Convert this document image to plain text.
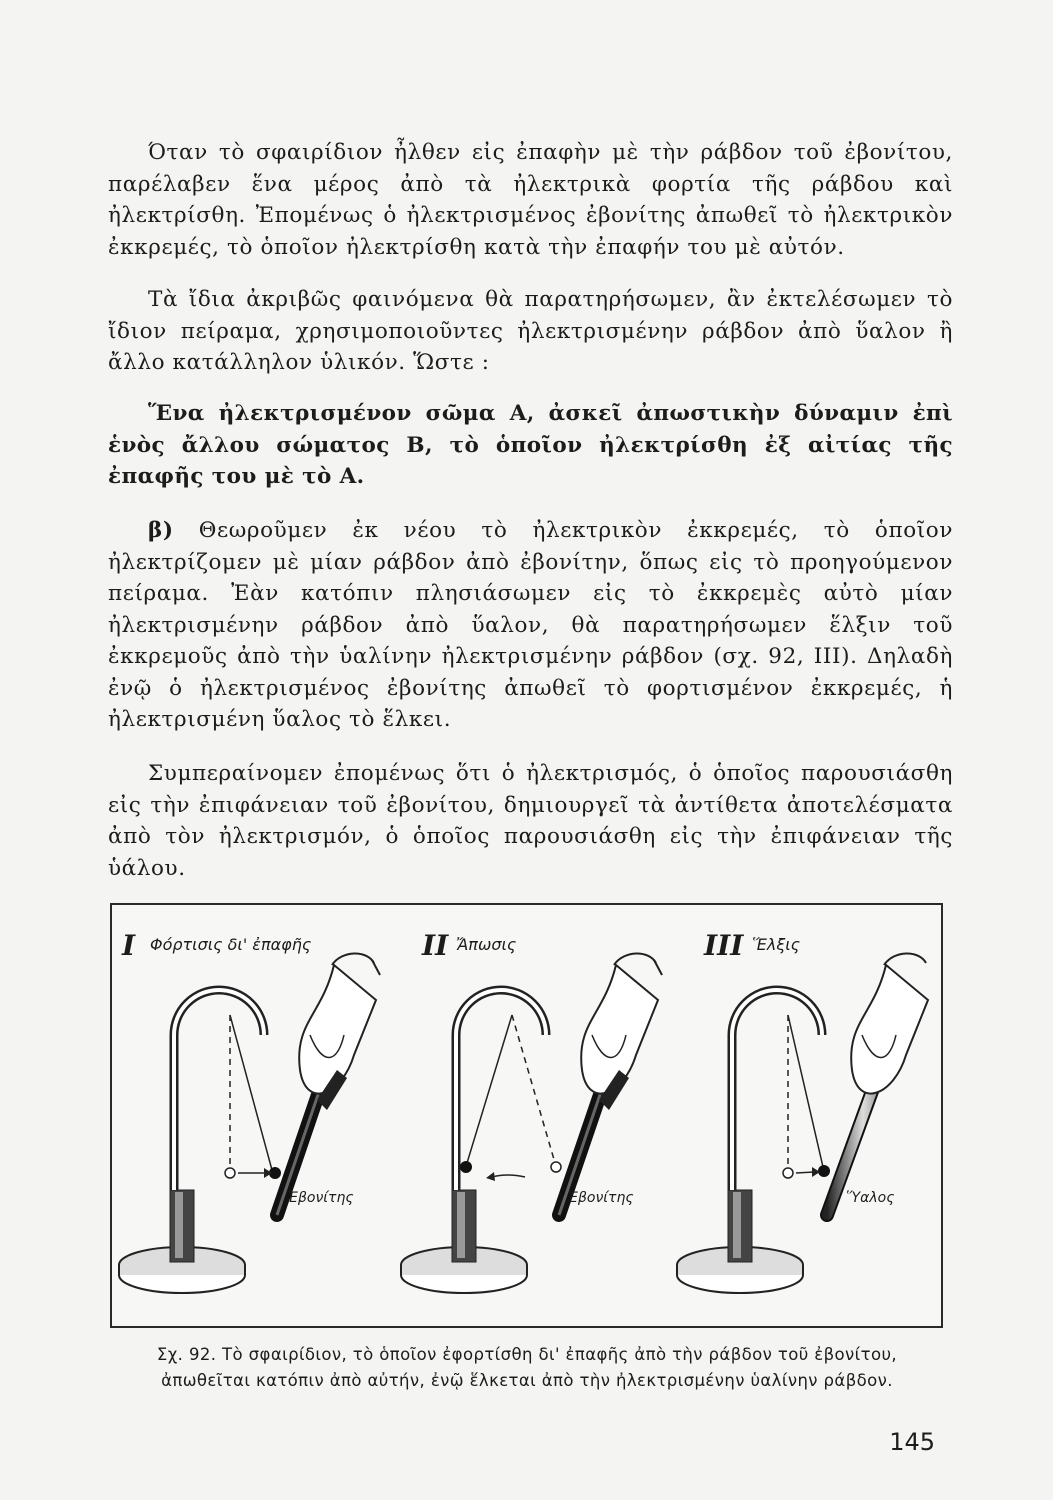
Όταν τὸ σφαιρίδιον ἦλθεν εἰς ἐπαφὴν μὲ τὴν ράβδον τοῦ ἐβονίτου, παρέλαβεν ἕνα μέρος ἀπὸ τὰ ἠλεκτρικὰ φορτία τῆς ράβδου καὶ ἠλεκτρίσθη. Ἐπομένως ὁ ἠλεκτρισμένος ἐβονίτης ἀπωθεῖ τὸ ἠλεκτρικὸν ἐκκρεμές, τὸ ὁποῖον ἠλεκτρίσθη κατὰ τὴν ἐπαφήν του μὲ αὐτόν.

Τὰ ἴδια ἀκριβῶς φαινόμενα θὰ παρατηρήσωμεν, ἂν ἐκτελέσωμεν τὸ ἴδιον πείραμα, χρησιμοποιοῦντες ἠλεκτρισμένην ράβδον ἀπὸ ὕαλον ἢ ἄλλο κατάλληλον ὑλικόν. Ὥστε :

Ἕνα ἠλεκτρισμένον σῶμα Α, ἀσκεῖ ἀπωστικὴν δύναμιν ἐπὶ ἑνὸς ἄλλου σώματος Β, τὸ ὁποῖον ἠλεκτρίσθη ἐξ αἰτίας τῆς ἐπαφῆς του μὲ τὸ Α.

β) Θεωροῦμεν ἐκ νέου τὸ ἠλεκτρικὸν ἐκκρεμές, τὸ ὁποῖον ἠλεκτρίζομεν μὲ μίαν ράβδον ἀπὸ ἐβονίτην, ὅπως εἰς τὸ προηγούμενον πείραμα. Ἐὰν κατόπιν πλησιάσωμεν εἰς τὸ ἐκκρεμὲς αὐτὸ μίαν ἠλεκτρισμένην ράβδον ἀπὸ ὕαλον, θὰ παρατηρήσωμεν ἕλξιν τοῦ ἐκκρεμοῦς ἀπὸ τὴν ὑαλίνην ἠλεκτρισμένην ράβδον (σχ. 92, ΙΙΙ). Δηλαδὴ ἐνῷ ὁ ἠλεκτρισμένος ἐβονίτης ἀπωθεῖ τὸ φορτισμένον ἐκκρεμές, ἡ ἠλεκτρισμένη ὕαλος τὸ ἕλκει.

Συμπεραίνομεν ἐπομένως ὅτι ὁ ἠλεκτρισμός, ὁ ὁποῖος παρουσιάσθη εἰς τὴν ἐπιφάνειαν τοῦ ἐβονίτου, δημιουργεῖ τὰ ἀντίθετα ἀποτελέσματα ἀπὸ τὸν ἠλεκτρισμόν, ὁ ὁποῖος παρουσιάσθη εἰς τὴν ἐπιφάνειαν τῆς ὑάλου.

I Φόρτισις δι' ἐπαφῆς
Ἐβονίτης
II Ἄπωσις
Ἐβονίτης
III Ἕλξις
Ὕαλος

Σχ. 92. Τὸ σφαιρίδιον, τὸ ὁποῖον ἐφορτίσθη δι' ἐπαφῆς ἀπὸ τὴν ράβδον τοῦ ἐβονίτου, ἀπωθεῖται κατόπιν ἀπὸ αὐτήν, ἐνῷ ἕλκεται ἀπὸ τὴν ἠλεκτρισμένην ὑαλίνην ράβδον.

145
